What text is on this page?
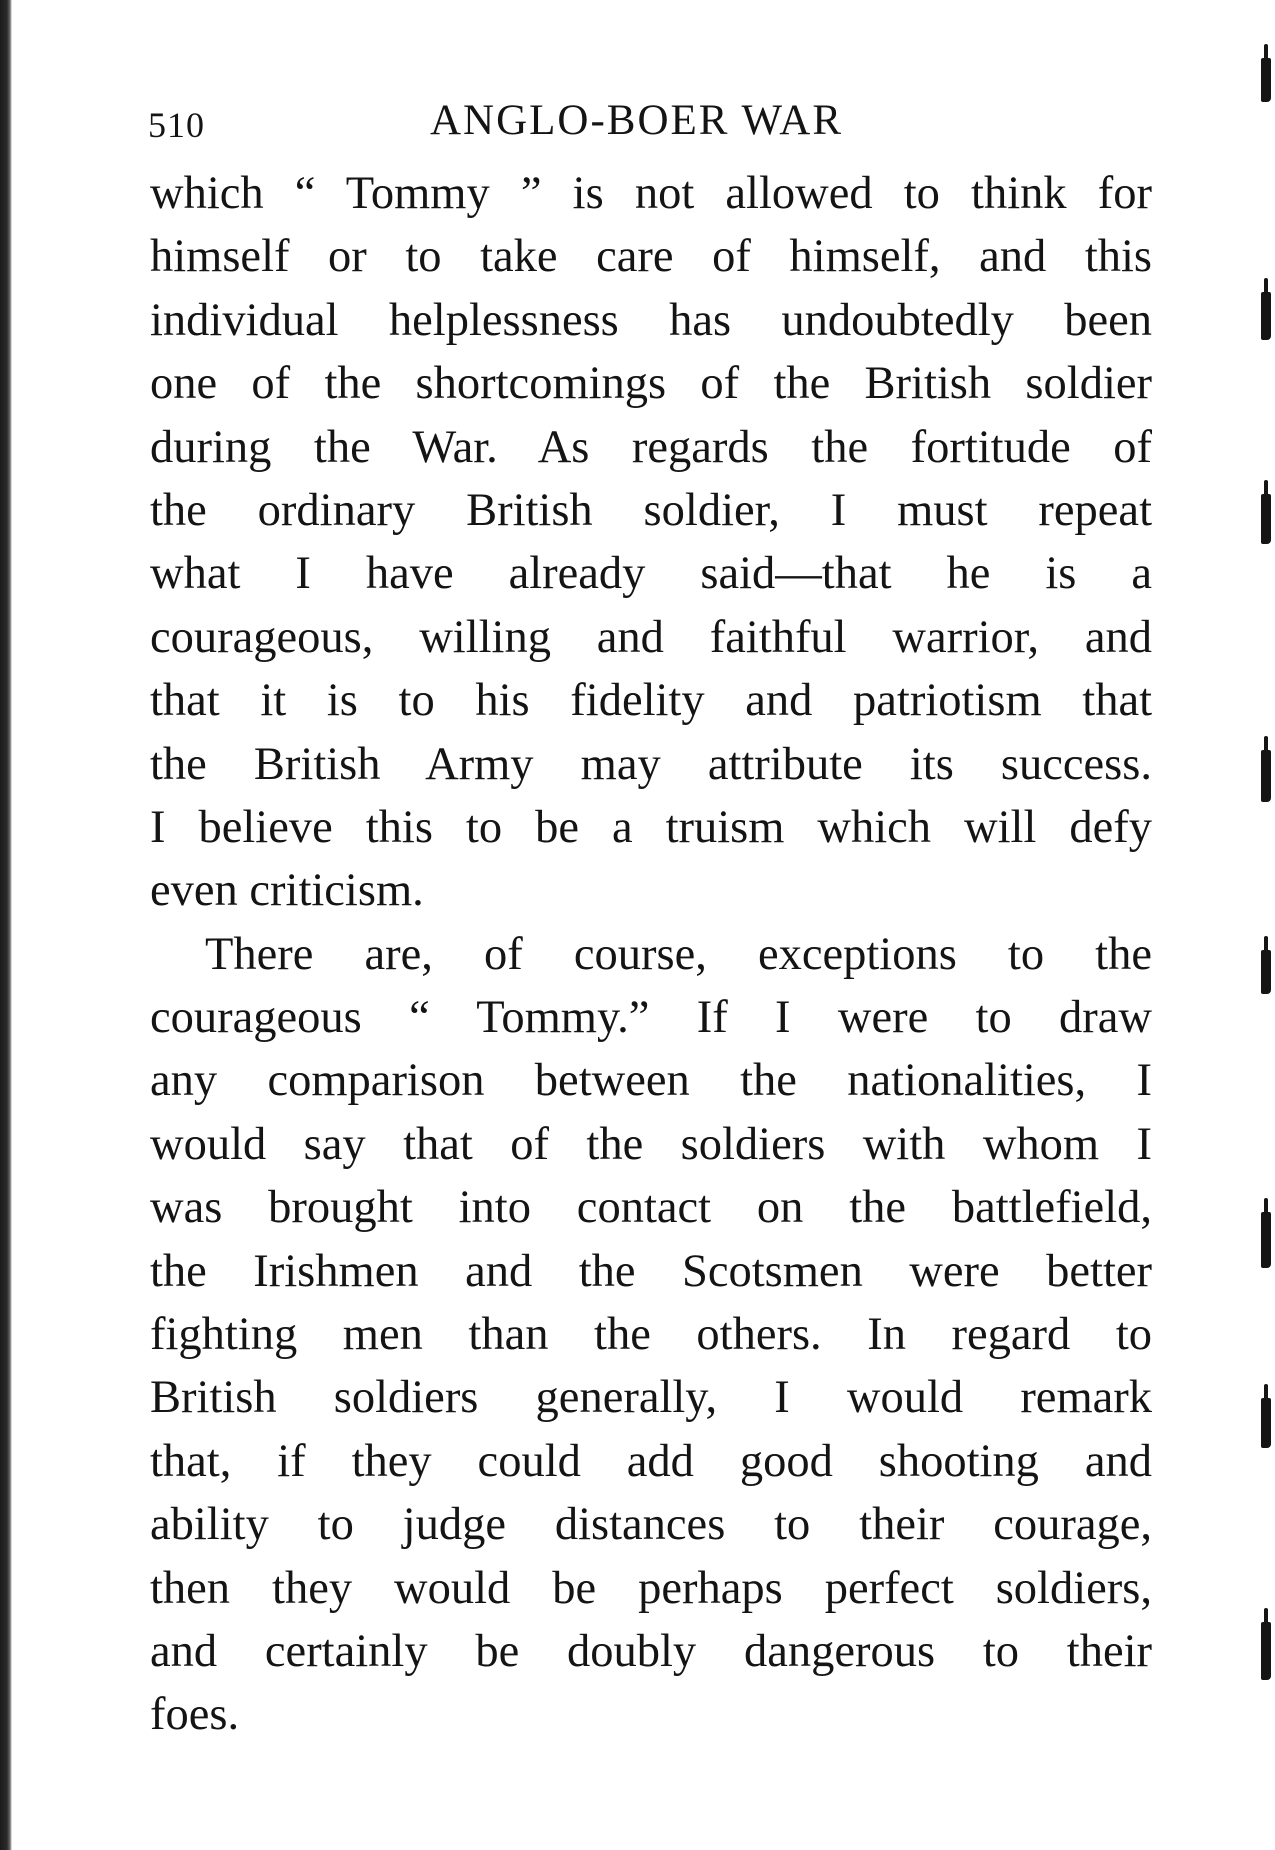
510	ANGLO-BOER WAR
which “ Tommy ” is not allowed to think for
himself or to take care of himself, and this
individual helplessness has undoubtedly been
one of the shortcomings of the British soldier
during the War. As regards the fortitude of
the ordinary British soldier, I must repeat
what I have already said—that he is a
courageous, willing and faithful warrior, and
that it is to his fidelity and patriotism that
the British Army may attribute its success.
I believe this to be a truism which will defy
even criticism.
There are, of course, exceptions to the
courageous “ Tommy.” If I were to draw
any comparison between the nationalities, I
would say that of the soldiers with whom I
was brought into contact on the battlefield,
the Irishmen and the Scotsmen were better
fighting men than the others. In regard to
British soldiers generally, I would remark
that, if they could add good shooting and
ability to judge distances to their courage,
then they would be perhaps perfect soldiers,
and certainly be doubly dangerous to their
foes.
